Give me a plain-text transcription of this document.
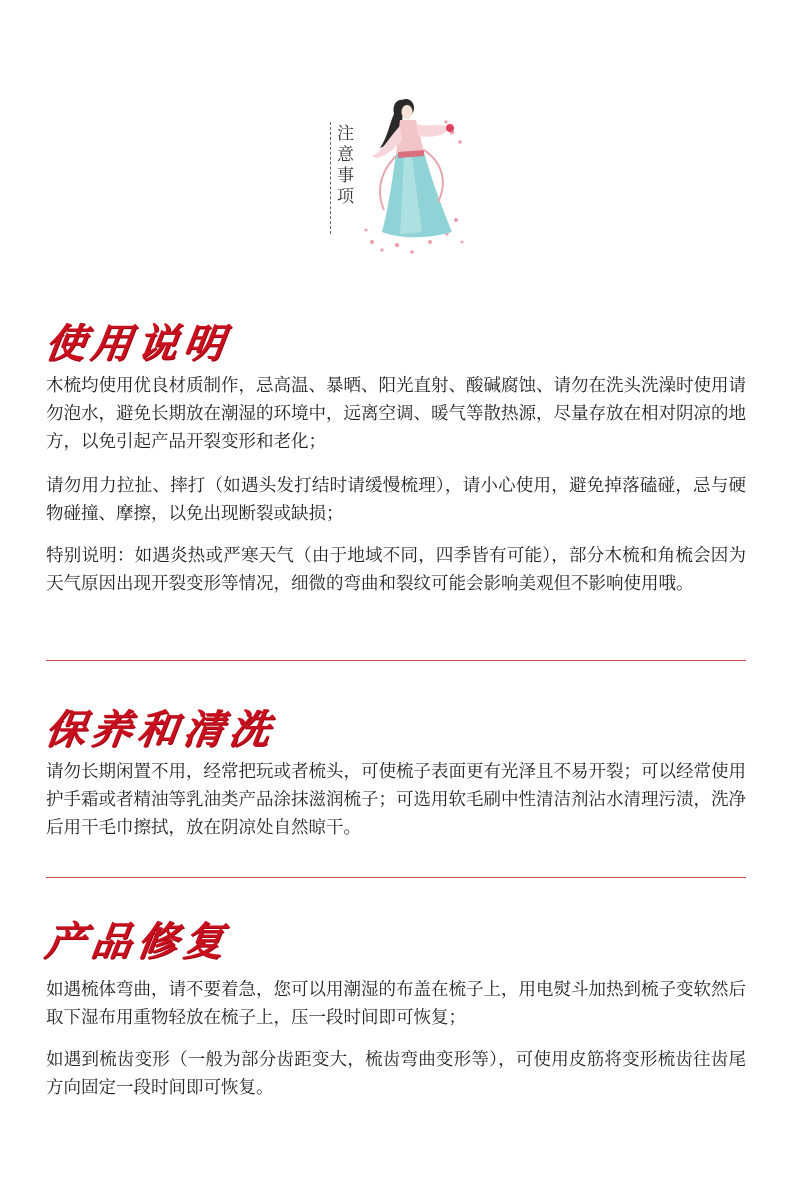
注意事项
使用说明

木梳均使用优良材质制作，忌高温、暴晒、阳光直射、酸碱腐蚀、请勿在洗头洗澡时使用请勿泡水，避免长期放在潮湿的环境中，远离空调、暖气等散热源，尽量存放在相对阴凉的地方，以免引起产品开裂变形和老化；

请勿用力拉扯、摔打（如遇头发打结时请缓慢梳理），请小心使用，避免掉落磕碰，忌与硬物碰撞、摩擦，以免出现断裂或缺损；

特别说明：如遇炎热或严寒天气（由于地域不同，四季皆有可能），部分木梳和角梳会因为天气原因出现开裂变形等情况，细微的弯曲和裂纹可能会影响美观但不影响使用哦。

保养和清洗

请勿长期闲置不用，经常把玩或者梳头，可使梳子表面更有光泽且不易开裂；可以经常使用护手霜或者精油等乳油类产品涂抹滋润梳子；可选用软毛刷中性清洁剂沾水清理污渍，洗净后用干毛巾擦拭，放在阴凉处自然晾干。

产品修复

如遇梳体弯曲，请不要着急，您可以用潮湿的布盖在梳子上，用电熨斗加热到梳子变软然后取下湿布用重物轻放在梳子上，压一段时间即可恢复；

如遇到梳齿变形（一般为部分齿距变大，梳齿弯曲变形等），可使用皮筋将变形梳齿往齿尾方向固定一段时间即可恢复。
